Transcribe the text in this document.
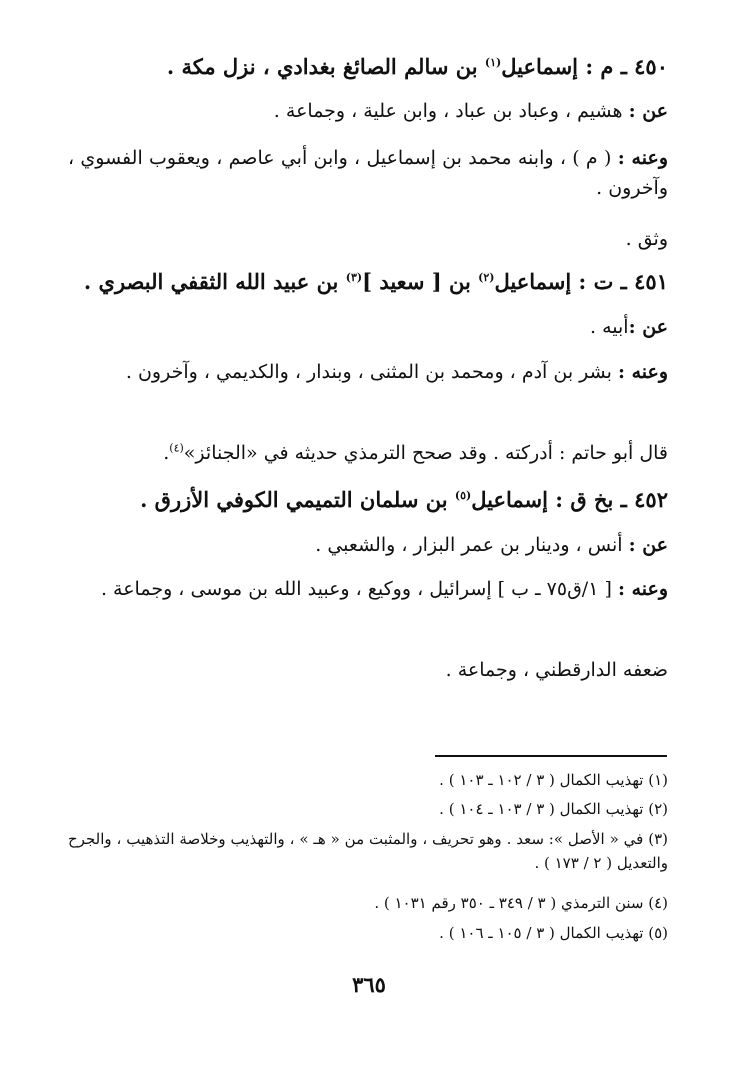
٤٥٠ ـ م : إسماعيل$^{(١)}$ بن سالم الصائغ بغدادي ، نزل مكة .
عن : هشيم ، وعباد بن عباد ، وابن علية ، وجماعة .
وعنه : ( م ) ، وابنه محمد بن إسماعيل ، وابن أبي عاصم ، ويعقوب الفسوي ، وآخرون .
وثق .
٤٥١ ـ ت : إسماعيل$^{(٢)}$ بن [ سعيد ]$^{(٣)}$ بن عبيد الله الثقفي البصري .
عن :أبيه .
وعنه : بشر بن آدم ، ومحمد بن المثنى ، وبندار ، والكديمي ، وآخرون .
قال أبو حاتم : أدركته . وقد صحح الترمذي حديثه في «الجنائز»$^{(٤)}$.
٤٥٢ ـ بخ ق : إسماعيل$^{(٥)}$ بن سلمان التميمي الكوفي الأزرق .
عن : أنس ، ودينار بن عمر البزار ، والشعبي .
وعنه : [ ١/ق٧٥ ـ ب ] إسرائيل ، ووكيع ، وعبيد الله بن موسى ، وجماعة .
ضعفه الدارقطني ، وجماعة .
(١) تهذيب الكمال ( ٣ / ١٠٢ ـ ١٠٣ ) .
(٢) تهذيب الكمال ( ٣ / ١٠٣ ـ ١٠٤ ) .
(٣) في « الأصل »: سعد . وهو تحريف ، والمثبت من « هـ » ، والتهذيب وخلاصة التذهيب ، والجرح والتعديل ( ٢ / ١٧٣ ) .
(٤) سنن الترمذي ( ٣ / ٣٤٩ ـ ٣٥٠ رقم ١٠٣١ ) .
(٥) تهذيب الكمال ( ٣ / ١٠٥ ـ ١٠٦ ) .
٣٦٥
